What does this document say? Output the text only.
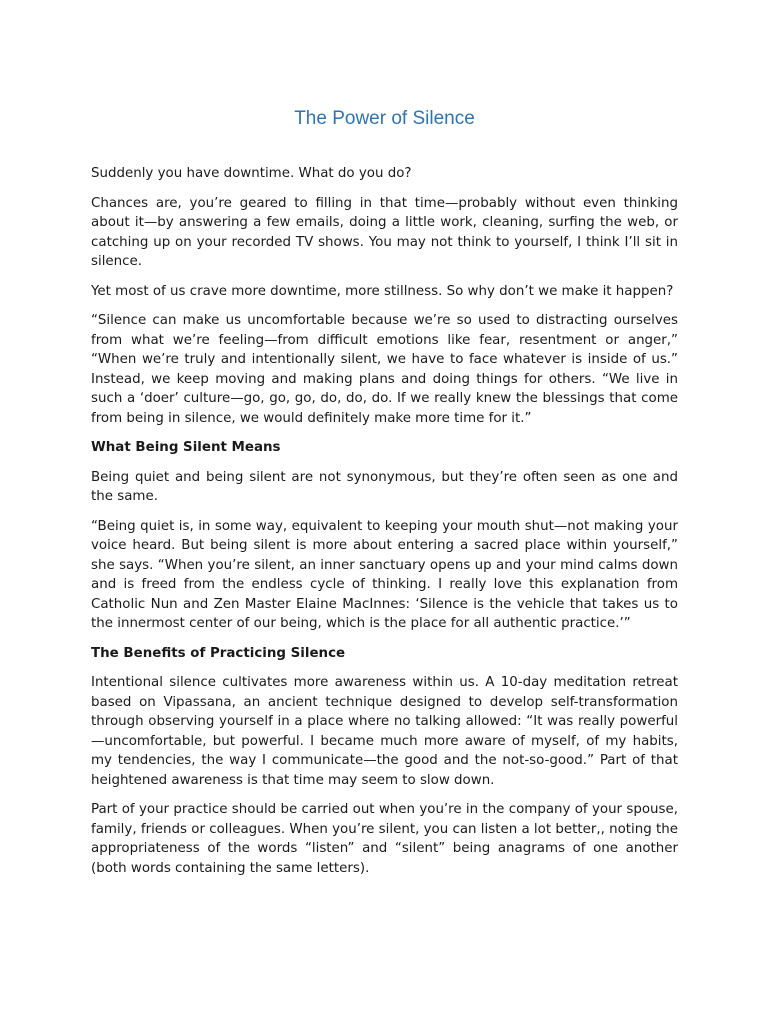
The Power of Silence

Suddenly you have downtime. What do you do?

Chances are, you’re geared to filling in that time—probably without even thinking about it—by answering a few emails, doing a little work, cleaning, surfing the web, or catching up on your recorded TV shows. You may not think to yourself, I think I’ll sit in silence.

Yet most of us crave more downtime, more stillness. So why don’t we make it happen?

“Silence can make us uncomfortable because we’re so used to distracting ourselves from what we’re feeling—from difficult emotions like fear, resentment or anger,” “When we’re truly and intentionally silent, we have to face whatever is inside of us.” Instead, we keep moving and making plans and doing things for others. “We live in such a ‘doer’ culture—go, go, go, do, do, do. If we really knew the blessings that come from being in silence, we would definitely make more time for it.”

What Being Silent Means

Being quiet and being silent are not synonymous, but they’re often seen as one and the same.

“Being quiet is, in some way, equivalent to keeping your mouth shut—not making your voice heard. But being silent is more about entering a sacred place within yourself,” she says. “When you’re silent, an inner sanctuary opens up and your mind calms down and is freed from the endless cycle of thinking. I really love this explanation from Catholic Nun and Zen Master Elaine MacInnes: ‘Silence is the vehicle that takes us to the innermost center of our being, which is the place for all authentic practice.’”

The Benefits of Practicing Silence

Intentional silence cultivates more awareness within us. A 10-day meditation retreat based on Vipassana, an ancient technique designed to develop self-transformation through observing yourself in a place where no talking allowed: “It was really powerful—uncomfortable, but powerful. I became much more aware of myself, of my habits, my tendencies, the way I communicate—the good and the not-so-good.” Part of that heightened awareness is that time may seem to slow down.

Part of your practice should be carried out when you’re in the company of your spouse, family, friends or colleagues. When you’re silent, you can listen a lot better,, noting the appropriateness of the words “listen” and “silent” being anagrams of one another (both words containing the same letters).
